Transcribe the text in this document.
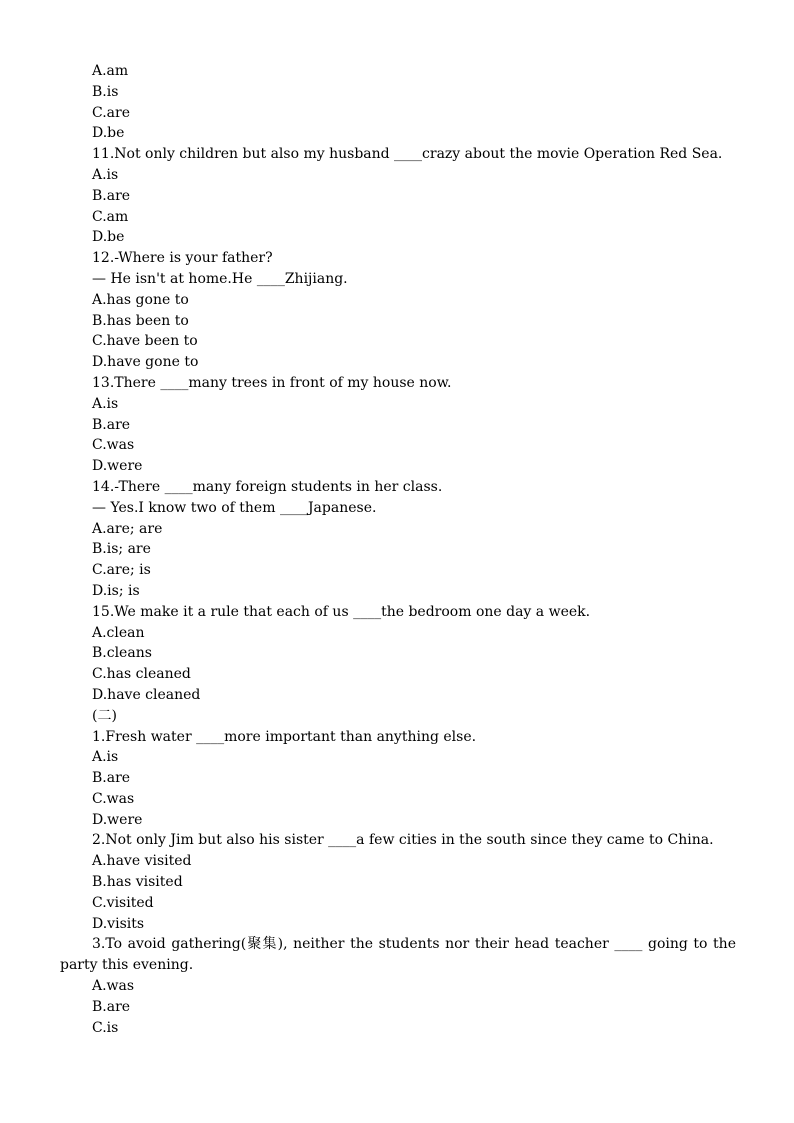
A.am

B.is

C.are

D.be

11.Not only children but also my husband ____crazy about the movie Operation Red Sea.

A.is

B.are

C.am

D.be

12.-Where is your father?

— He isn't at home.He ____Zhijiang.

A.has gone to

B.has been to

C.have been to

D.have gone to

13.There ____many trees in front of my house now.

A.is

B.are

C.was

D.were

14.-There ____many foreign students in her class.

— Yes.I know two of them ____Japanese.

A.are; are

B.is; are

C.are; is

D.is; is

15.We make it a rule that each of us ____the bedroom one day a week.

A.clean

B.cleans

C.has cleaned

D.have cleaned

(二)

1.Fresh water ____more important than anything else.

A.is

B.are

C.was

D.were

2.Not only Jim but also his sister ____a few cities in the south since they came to China.

A.have visited

B.has visited

C.visited

D.visits

3.To avoid gathering(聚集), neither the students nor their head teacher ____ going to the party this evening.

A.was

B.are

C.is
